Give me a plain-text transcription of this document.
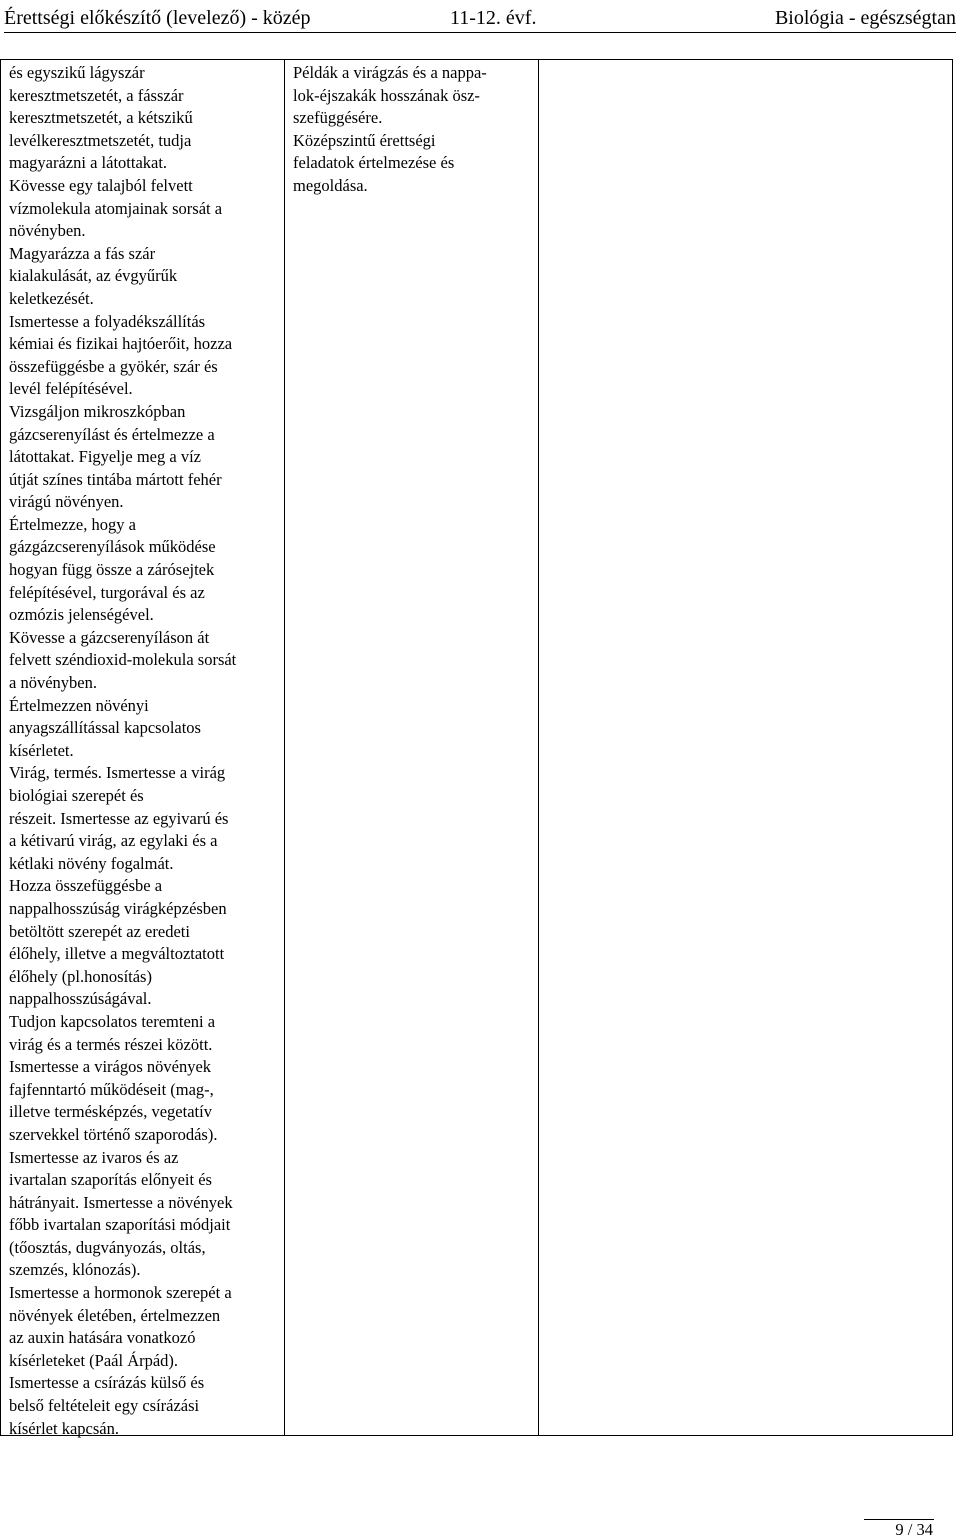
Érettségi előkészítő (levelező) - közép	11-12. évf.	Biológia - egészségtan

és egyszikű lágyszár

keresztmetszetét, a fásszár

keresztmetszetét, a kétszikű

levélkeresztmetszetét, tudja

magyarázni a látottakat.

Kövesse egy talajból felvett

vízmolekula atomjainak sorsát a

növényben.

Magyarázza a fás szár

kialakulását, az évgyűrűk

keletkezését.

Ismertesse a folyadékszállítás

kémiai és fizikai hajtóerőit, hozza

összefüggésbe a gyökér, szár és

levél felépítésével.

Vizsgáljon mikroszkópban

gázcserenyílást és értelmezze a

látottakat. Figyelje meg a víz

útját színes tintába mártott fehér

virágú növényen.

Értelmezze, hogy a

gázgázcserenyílások működése

hogyan függ össze a zárósejtek

felépítésével, turgorával és az

ozmózis jelenségével.

Kövesse a gázcserenyíláson át

felvett széndioxid-molekula sorsát

a növényben.

Értelmezzen növényi

anyagszállítással kapcsolatos

kísérletet.

Virág, termés. Ismertesse a virág

biológiai szerepét és

részeit. Ismertesse az egyivarú és

a kétivarú virág, az egylaki és a

kétlaki növény fogalmát.

Hozza összefüggésbe a

nappalhosszúság virágképzésben

betöltött szerepét az eredeti

élőhely, illetve a megváltoztatott

élőhely (pl.honosítás)

nappalhosszúságával.

Tudjon kapcsolatos teremteni a

virág és a termés részei között.

Ismertesse a virágos növények

fajfenntartó működéseit (mag-,

illetve termésképzés, vegetatív

szervekkel történő szaporodás).

Ismertesse az ivaros és az

ivartalan szaporítás előnyeit és

hátrányait. Ismertesse a növények

főbb ivartalan szaporítási módjait

(tőosztás, dugványozás, oltás,

szemzés, klónozás).

Ismertesse a hormonok szerepét a

növények életében, értelmezzen

az auxin hatására vonatkozó

kísérleteket (Paál Árpád).

Ismertesse a csírázás külső és

belső feltételeit egy csírázási

kísérlet kapcsán.

Példák a virágzás és a nappa-

lok-éjszakák hosszának ösz-

szefüggésére.

Középszintű érettségi

feladatok értelmezése és

megoldása.

9 / 34
